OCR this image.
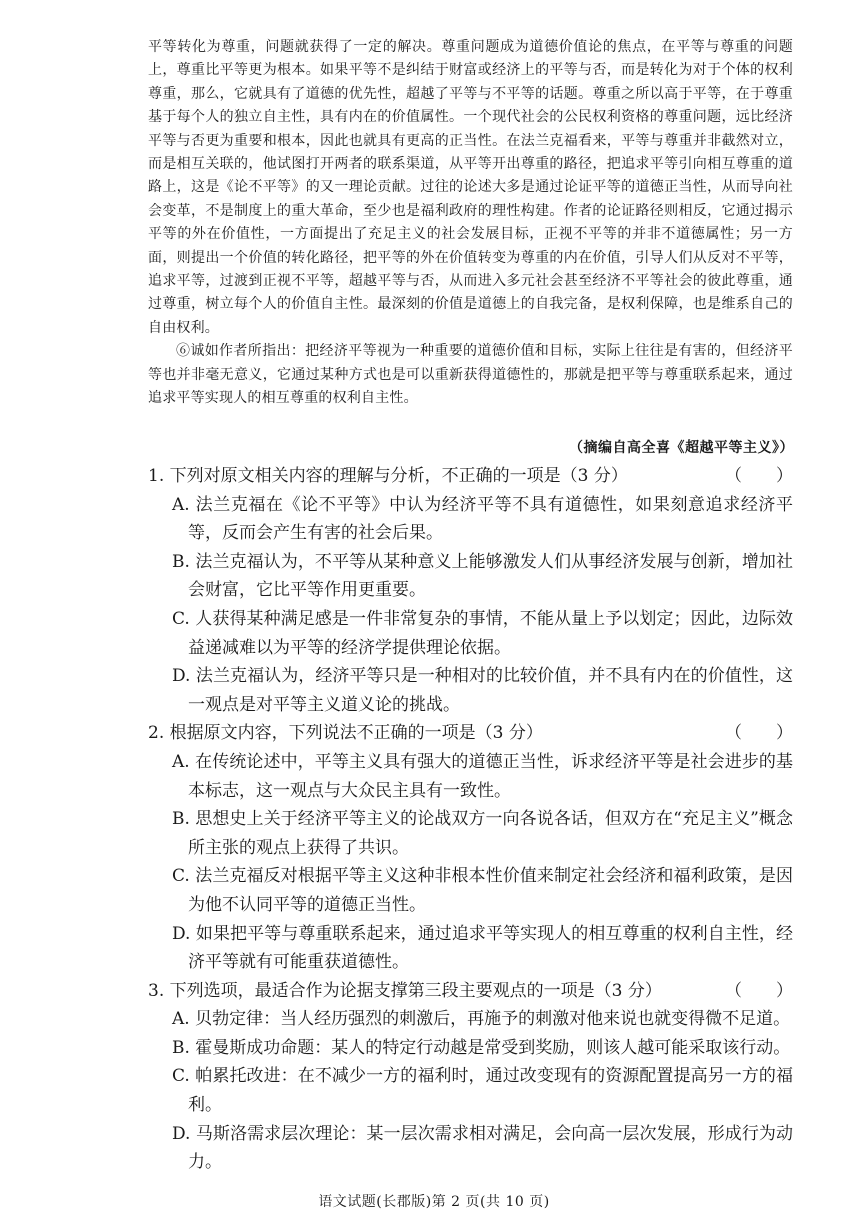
平等转化为尊重，问题就获得了一定的解决。尊重问题成为道德价值论的焦点，在平等与尊重的问题上，尊重比平等更为根本。如果平等不是纠结于财富或经济上的平等与否，而是转化为对于个体的权利尊重，那么，它就具有了道德的优先性，超越了平等与不平等的话题。尊重之所以高于平等，在于尊重基于每个人的独立自主性，具有内在的价值属性。一个现代社会的公民权利资格的尊重问题，远比经济平等与否更为重要和根本，因此也就具有更高的正当性。在法兰克福看来，平等与尊重并非截然对立，而是相互关联的，他试图打开两者的联系渠道，从平等开出尊重的路径，把追求平等引向相互尊重的道路上，这是《论不平等》的又一理论贡献。过往的论述大多是通过论证平等的道德正当性，从而导向社会变革，不是制度上的重大革命，至少也是福利政府的理性构建。作者的论证路径则相反，它通过揭示平等的外在价值性，一方面提出了充足主义的社会发展目标，正视不平等的并非不道德属性；另一方面，则提出一个价值的转化路径，把平等的外在价值转变为尊重的内在价值，引导人们从反对不平等，追求平等，过渡到正视不平等，超越平等与否，从而进入多元社会甚至经济不平等社会的彼此尊重，通过尊重，树立每个人的价值自主性。最深刻的价值是道德上的自我完备，是权利保障，也是维系自己的自由权利。

⑥诚如作者所指出：把经济平等视为一种重要的道德价值和目标，实际上往往是有害的，但经济平等也并非毫无意义，它通过某种方式也是可以重新获得道德性的，那就是把平等与尊重联系起来，通过追求平等实现人的相互尊重的权利自主性。

（摘编自高全喜《超越平等主义》）

1. 下列对原文相关内容的理解与分析，不正确的一项是（3 分）	（　　）

A. 法兰克福在《论不平等》中认为经济平等不具有道德性，如果刻意追求经济平等，反而会产生有害的社会后果。

B. 法兰克福认为，不平等从某种意义上能够激发人们从事经济发展与创新，增加社会财富，它比平等作用更重要。

C. 人获得某种满足感是一件非常复杂的事情，不能从量上予以划定；因此，边际效益递减难以为平等的经济学提供理论依据。

D. 法兰克福认为，经济平等只是一种相对的比较价值，并不具有内在的价值性，这一观点是对平等主义道义论的挑战。

2. 根据原文内容，下列说法不正确的一项是（3 分）	（　　）

A. 在传统论述中，平等主义具有强大的道德正当性，诉求经济平等是社会进步的基本标志，这一观点与大众民主具有一致性。

B. 思想史上关于经济平等主义的论战双方一向各说各话，但双方在“充足主义”概念所主张的观点上获得了共识。

C. 法兰克福反对根据平等主义这种非根本性价值来制定社会经济和福利政策，是因为他不认同平等的道德正当性。

D. 如果把平等与尊重联系起来，通过追求平等实现人的相互尊重的权利自主性，经济平等就有可能重获道德性。

3. 下列选项，最适合作为论据支撑第三段主要观点的一项是（3 分）	（　　）

A. 贝勃定律：当人经历强烈的刺激后，再施予的刺激对他来说也就变得微不足道。

B. 霍曼斯成功命题：某人的特定行动越是常受到奖励，则该人越可能采取该行动。

C. 帕累托改进：在不减少一方的福利时，通过改变现有的资源配置提高另一方的福利。

D. 马斯洛需求层次理论：某一层次需求相对满足，会向高一层次发展，形成行为动力。

语文试题(长郡版)第 2 页(共 10 页)
